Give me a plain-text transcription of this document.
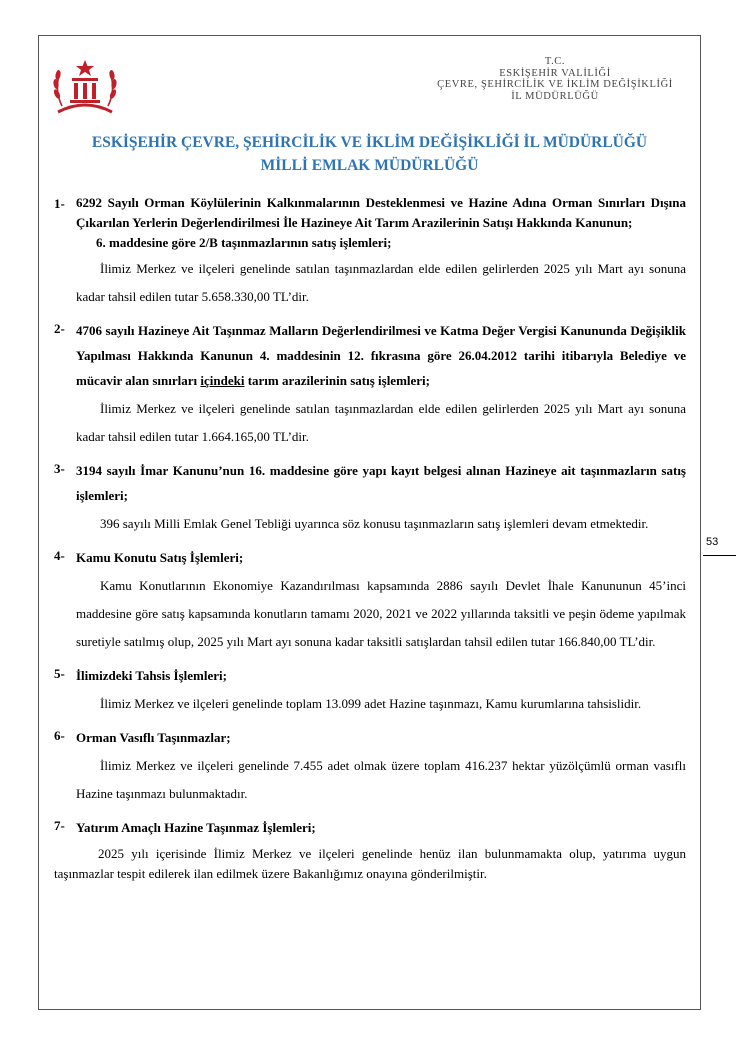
T.C.
ESKİŞEHİR VALİLİĞİ
ÇEVRE, ŞEHİRCİLİK VE İKLİM DEĞİŞİKLİĞİ
İL MÜDÜRLÜĞÜ
ESKİŞEHİR ÇEVRE, ŞEHİRCİLİK VE İKLİM DEĞİŞİKLİĞİ İL MÜDÜRLÜĞÜ
MİLLİ EMLAK MÜDÜRLÜĞÜ
1- 6292 Sayılı Orman Köylülerinin Kalkınmalarının Desteklenmesi ve Hazine Adına Orman Sınırları Dışına Çıkarılan Yerlerin Değerlendirilmesi İle Hazineye Ait Tarım Arazilerinin Satışı Hakkında Kanunun;
6. maddesine göre 2/B taşınmazlarının satış işlemleri;
İlimiz Merkez ve ilçeleri genelinde satılan taşınmazlardan elde edilen gelirlerden 2025 yılı Mart ayı sonuna kadar tahsil edilen tutar 5.658.330,00 TL’dir.
2- 4706 sayılı Hazineye Ait Taşınmaz Malların Değerlendirilmesi ve Katma Değer Vergisi Kanununda Değişiklik Yapılması Hakkında Kanunun 4. maddesinin 12. fıkrasına göre 26.04.2012 tarihi itibarıyla Belediye ve mücavir alan sınırları içindeki tarım arazilerinin satış işlemleri;
İlimiz Merkez ve ilçeleri genelinde satılan taşınmazlardan elde edilen gelirlerden 2025 yılı Mart ayı sonuna kadar tahsil edilen tutar 1.664.165,00 TL’dir.
3- 3194 sayılı İmar Kanunu’nun 16. maddesine göre yapı kayıt belgesi alınan Hazineye ait taşınmazların satış işlemleri;
396 sayılı Milli Emlak Genel Tebliği uyarınca söz konusu taşınmazların satış işlemleri devam etmektedir.
4- Kamu Konutu Satış İşlemleri;
Kamu Konutlarının Ekonomiye Kazandırılması kapsamında 2886 sayılı Devlet İhale Kanununun 45’inci maddesine göre satış kapsamında konutların tamamı 2020, 2021 ve 2022 yıllarında taksitli ve peşin ödeme yapılmak suretiyle satılmış olup, 2025 yılı Mart ayı sonuna kadar taksitli satışlardan tahsil edilen tutar 166.840,00 TL’dir.
5- İlimizdeki Tahsis İşlemleri;
İlimiz Merkez ve ilçeleri genelinde toplam 13.099 adet Hazine taşınmazı, Kamu kurumlarına tahsislidir.
6- Orman Vasıflı Taşınmazlar;
İlimiz Merkez ve ilçeleri genelinde 7.455 adet olmak üzere toplam 416.237 hektar yüzölçümlü orman vasıflı Hazine taşınmazı bulunmaktadır.
7- Yatırım Amaçlı Hazine Taşınmaz İşlemleri;
2025 yılı içerisinde İlimiz Merkez ve ilçeleri genelinde henüz ilan bulunmamakta olup, yatırıma uygun taşınmazlar tespit edilerek ilan edilmek üzere Bakanlığımız onayına gönderilmiştir.
53
